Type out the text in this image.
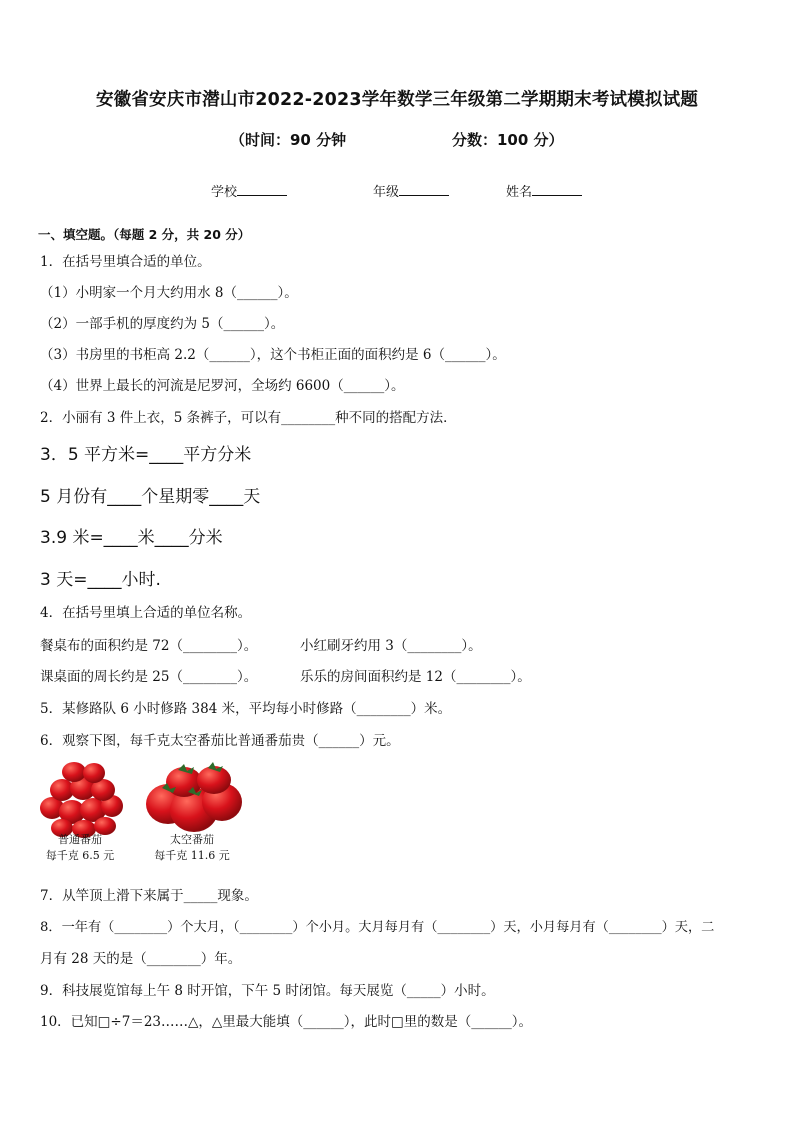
安徽省安庆市潜山市2022-2023学年数学三年级第二学期期末考试模拟试题
（时间：90 分钟	分数：100 分）
学校	年级	姓名
一、填空题。（每题 2 分，共 20 分）
1．在括号里填合适的单位。
（1）小明家一个月大约用水 8（______）。
（2）一部手机的厚度约为 5（______）。
（3）书房里的书柜高 2.2（______），这个书柜正面的面积约是 6（______）。
（4）世界上最长的河流是尼罗河，全场约 6600（______）。
2．小丽有 3 件上衣，5 条裤子，可以有________种不同的搭配方法．
3．5 平方米=____平方分米
5 月份有____个星期零____天
3.9 米=____米____分米
3 天=____小时.
4．在括号里填上合适的单位名称。
餐桌布的面积约是 72（________）。	小红刷牙约用 3（________）。
课桌面的周长约是 25（________）。	乐乐的房间面积约是 12（________）。
5．某修路队 6 小时修路 384 米，平均每小时修路（________）米。
6．观察下图，每千克太空番茄比普通番茄贵（______）元。
普通番茄
每千克 6.5 元
太空番茄
每千克 11.6 元
7．从竿顶上滑下来属于_____现象。
8．一年有（________）个大月，（________）个小月。大月每月有（________）天，小月每月有（________）天，二
月有 28 天的是（________）年。
9．科技展览馆每上午 8 时开馆，下午 5 时闭馆。每天展览（_____）小时。
10．已知□÷7＝23……△，△里最大能填（______），此时□里的数是（______）。
